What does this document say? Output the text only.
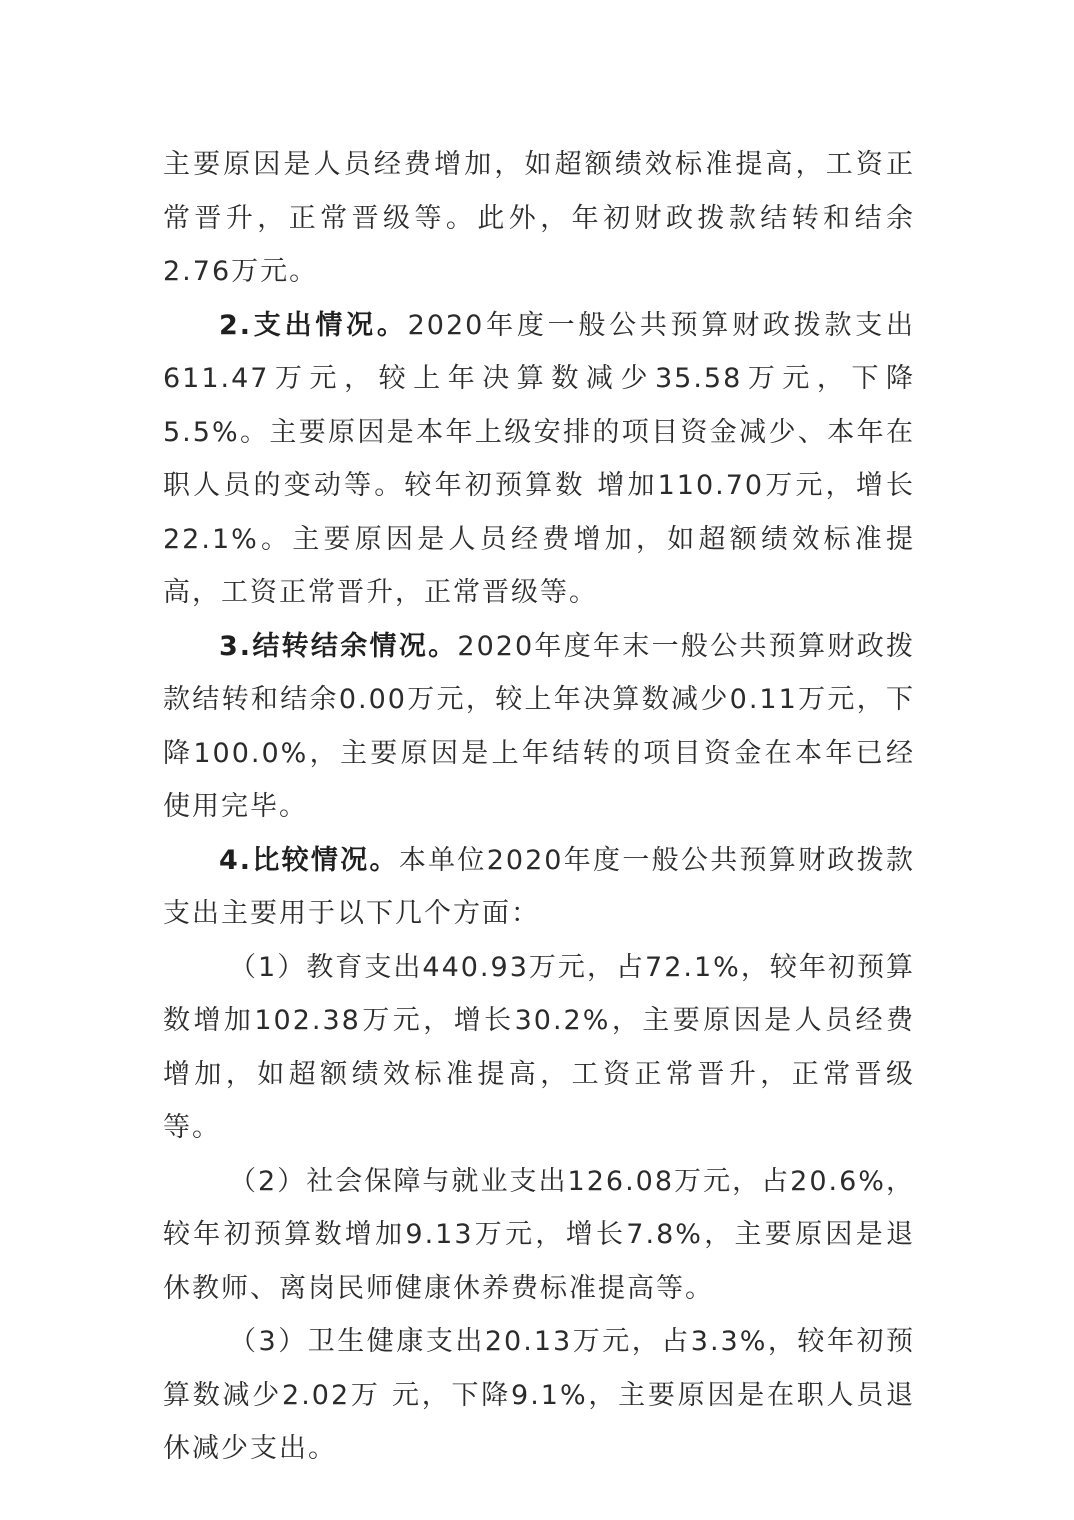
主要原因是人员经费增加，如超额绩效标准提高，工资正常晋升，正常晋级等。此外，年初财政拨款结转和结余2.76万元。

2.支出情况。2020年度一般公共预算财政拨款支出611.47万元，较上年决算数减少35.58万元，下降5.5%。主要原因是本年上级安排的项目资金减少、本年在职人员的变动等。较年初预算数 增加110.70万元，增长22.1%。主要原因是人员经费增加，如超额绩效标准提高，工资正常晋升，正常晋级等。

3.结转结余情况。2020年度年末一般公共预算财政拨款结转和结余0.00万元，较上年决算数减少0.11万元，下降100.0%，主要原因是上年结转的项目资金在本年已经使用完毕。

4.比较情况。本单位2020年度一般公共预算财政拨款支出主要用于以下几个方面：

（1）教育支出440.93万元，占72.1%，较年初预算数增加102.38万元，增长30.2%，主要原因是人员经费增加，如超额绩效标准提高，工资正常晋升，正常晋级等。

（2）社会保障与就业支出126.08万元，占20.6%，较年初预算数增加9.13万元，增长7.8%，主要原因是退休教师、离岗民师健康休养费标准提高等。

（3）卫生健康支出20.13万元，占3.3%，较年初预算数减少2.02万 元，下降9.1%，主要原因是在职人员退休减少支出。
